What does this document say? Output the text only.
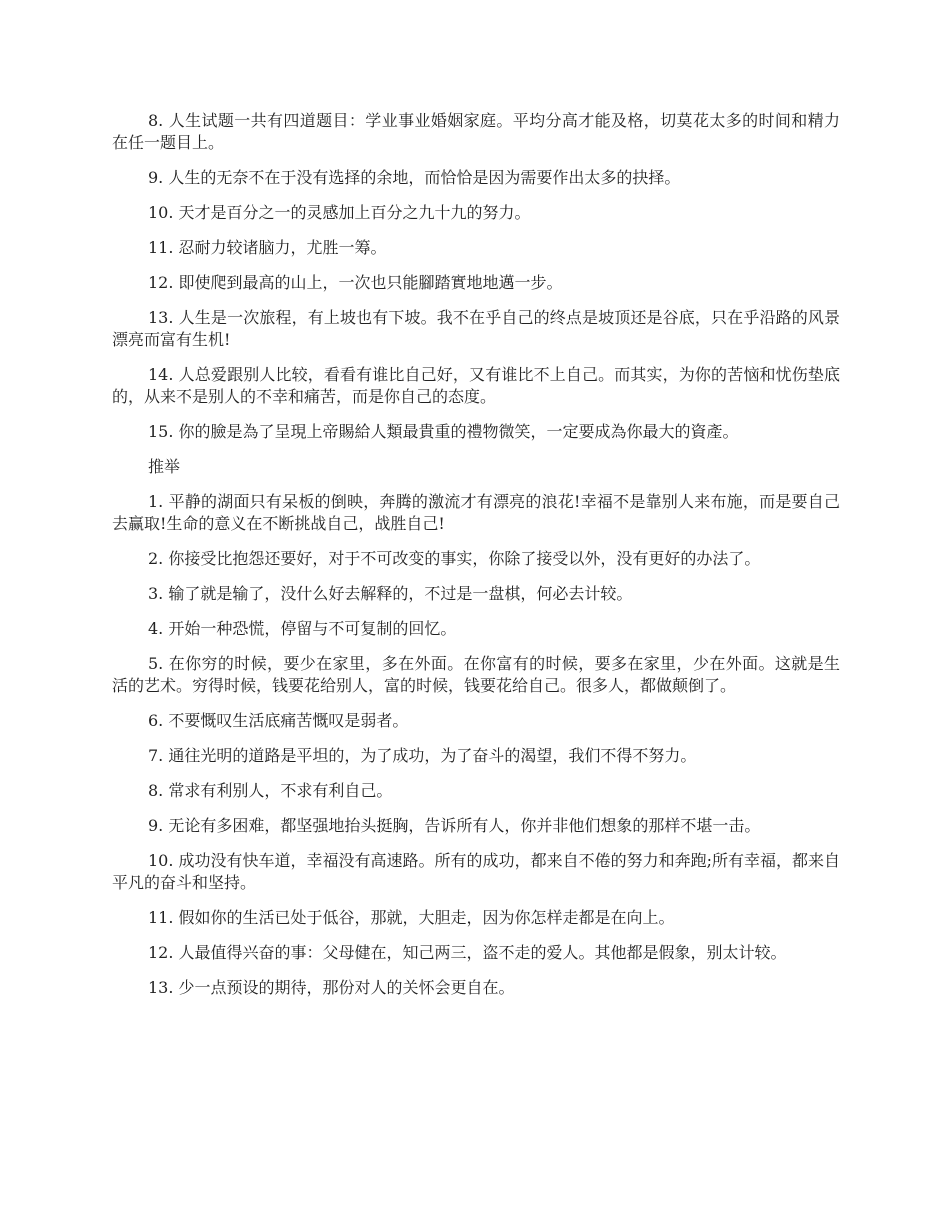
8. 人生试题一共有四道题目：学业事业婚姻家庭。平均分高才能及格，切莫花太多的时间和精力在任一题目上。

9. 人生的无奈不在于没有选择的余地，而恰恰是因为需要作出太多的抉择。

10. 天才是百分之一的灵感加上百分之九十九的努力。

11. 忍耐力较诸脑力，尤胜一筹。

12. 即使爬到最高的山上，一次也只能腳踏實地地邁一步。

13. 人生是一次旅程，有上坡也有下坡。我不在乎自己的终点是坡顶还是谷底，只在乎沿路的风景漂亮而富有生机!

14. 人总爱跟别人比较，看看有谁比自己好，又有谁比不上自己。而其实，为你的苦恼和忧伤垫底的，从来不是别人的不幸和痛苦，而是你自己的态度。

15. 你的臉是為了呈現上帝賜給人類最貴重的禮物微笑，一定要成為你最大的資產。

推举

1. 平静的湖面只有呆板的倒映，奔腾的激流才有漂亮的浪花!幸福不是靠别人来布施，而是要自己去赢取!生命的意义在不断挑战自己，战胜自己!

2. 你接受比抱怨还要好，对于不可改变的事实，你除了接受以外，没有更好的办法了。

3. 输了就是输了，没什么好去解释的，不过是一盘棋，何必去计较。

4. 开始一种恐慌，停留与不可复制的回忆。

5. 在你穷的时候，要少在家里，多在外面。在你富有的时候，要多在家里，少在外面。这就是生活的艺术。穷得时候，钱要花给别人，富的时候，钱要花给自己。很多人，都做颠倒了。

6. 不要慨叹生活底痛苦慨叹是弱者。

7. 通往光明的道路是平坦的，为了成功，为了奋斗的渴望，我们不得不努力。

8. 常求有利别人，不求有利自己。

9. 无论有多困难，都坚强地抬头挺胸，告诉所有人，你并非他们想象的那样不堪一击。

10. 成功没有快车道，幸福没有高速路。所有的成功，都来自不倦的努力和奔跑;所有幸福，都来自平凡的奋斗和坚持。

11. 假如你的生活已处于低谷，那就，大胆走，因为你怎样走都是在向上。

12. 人最值得兴奋的事：父母健在，知己两三，盗不走的爱人。其他都是假象，别太计较。

13. 少一点预设的期待，那份对人的关怀会更自在。
